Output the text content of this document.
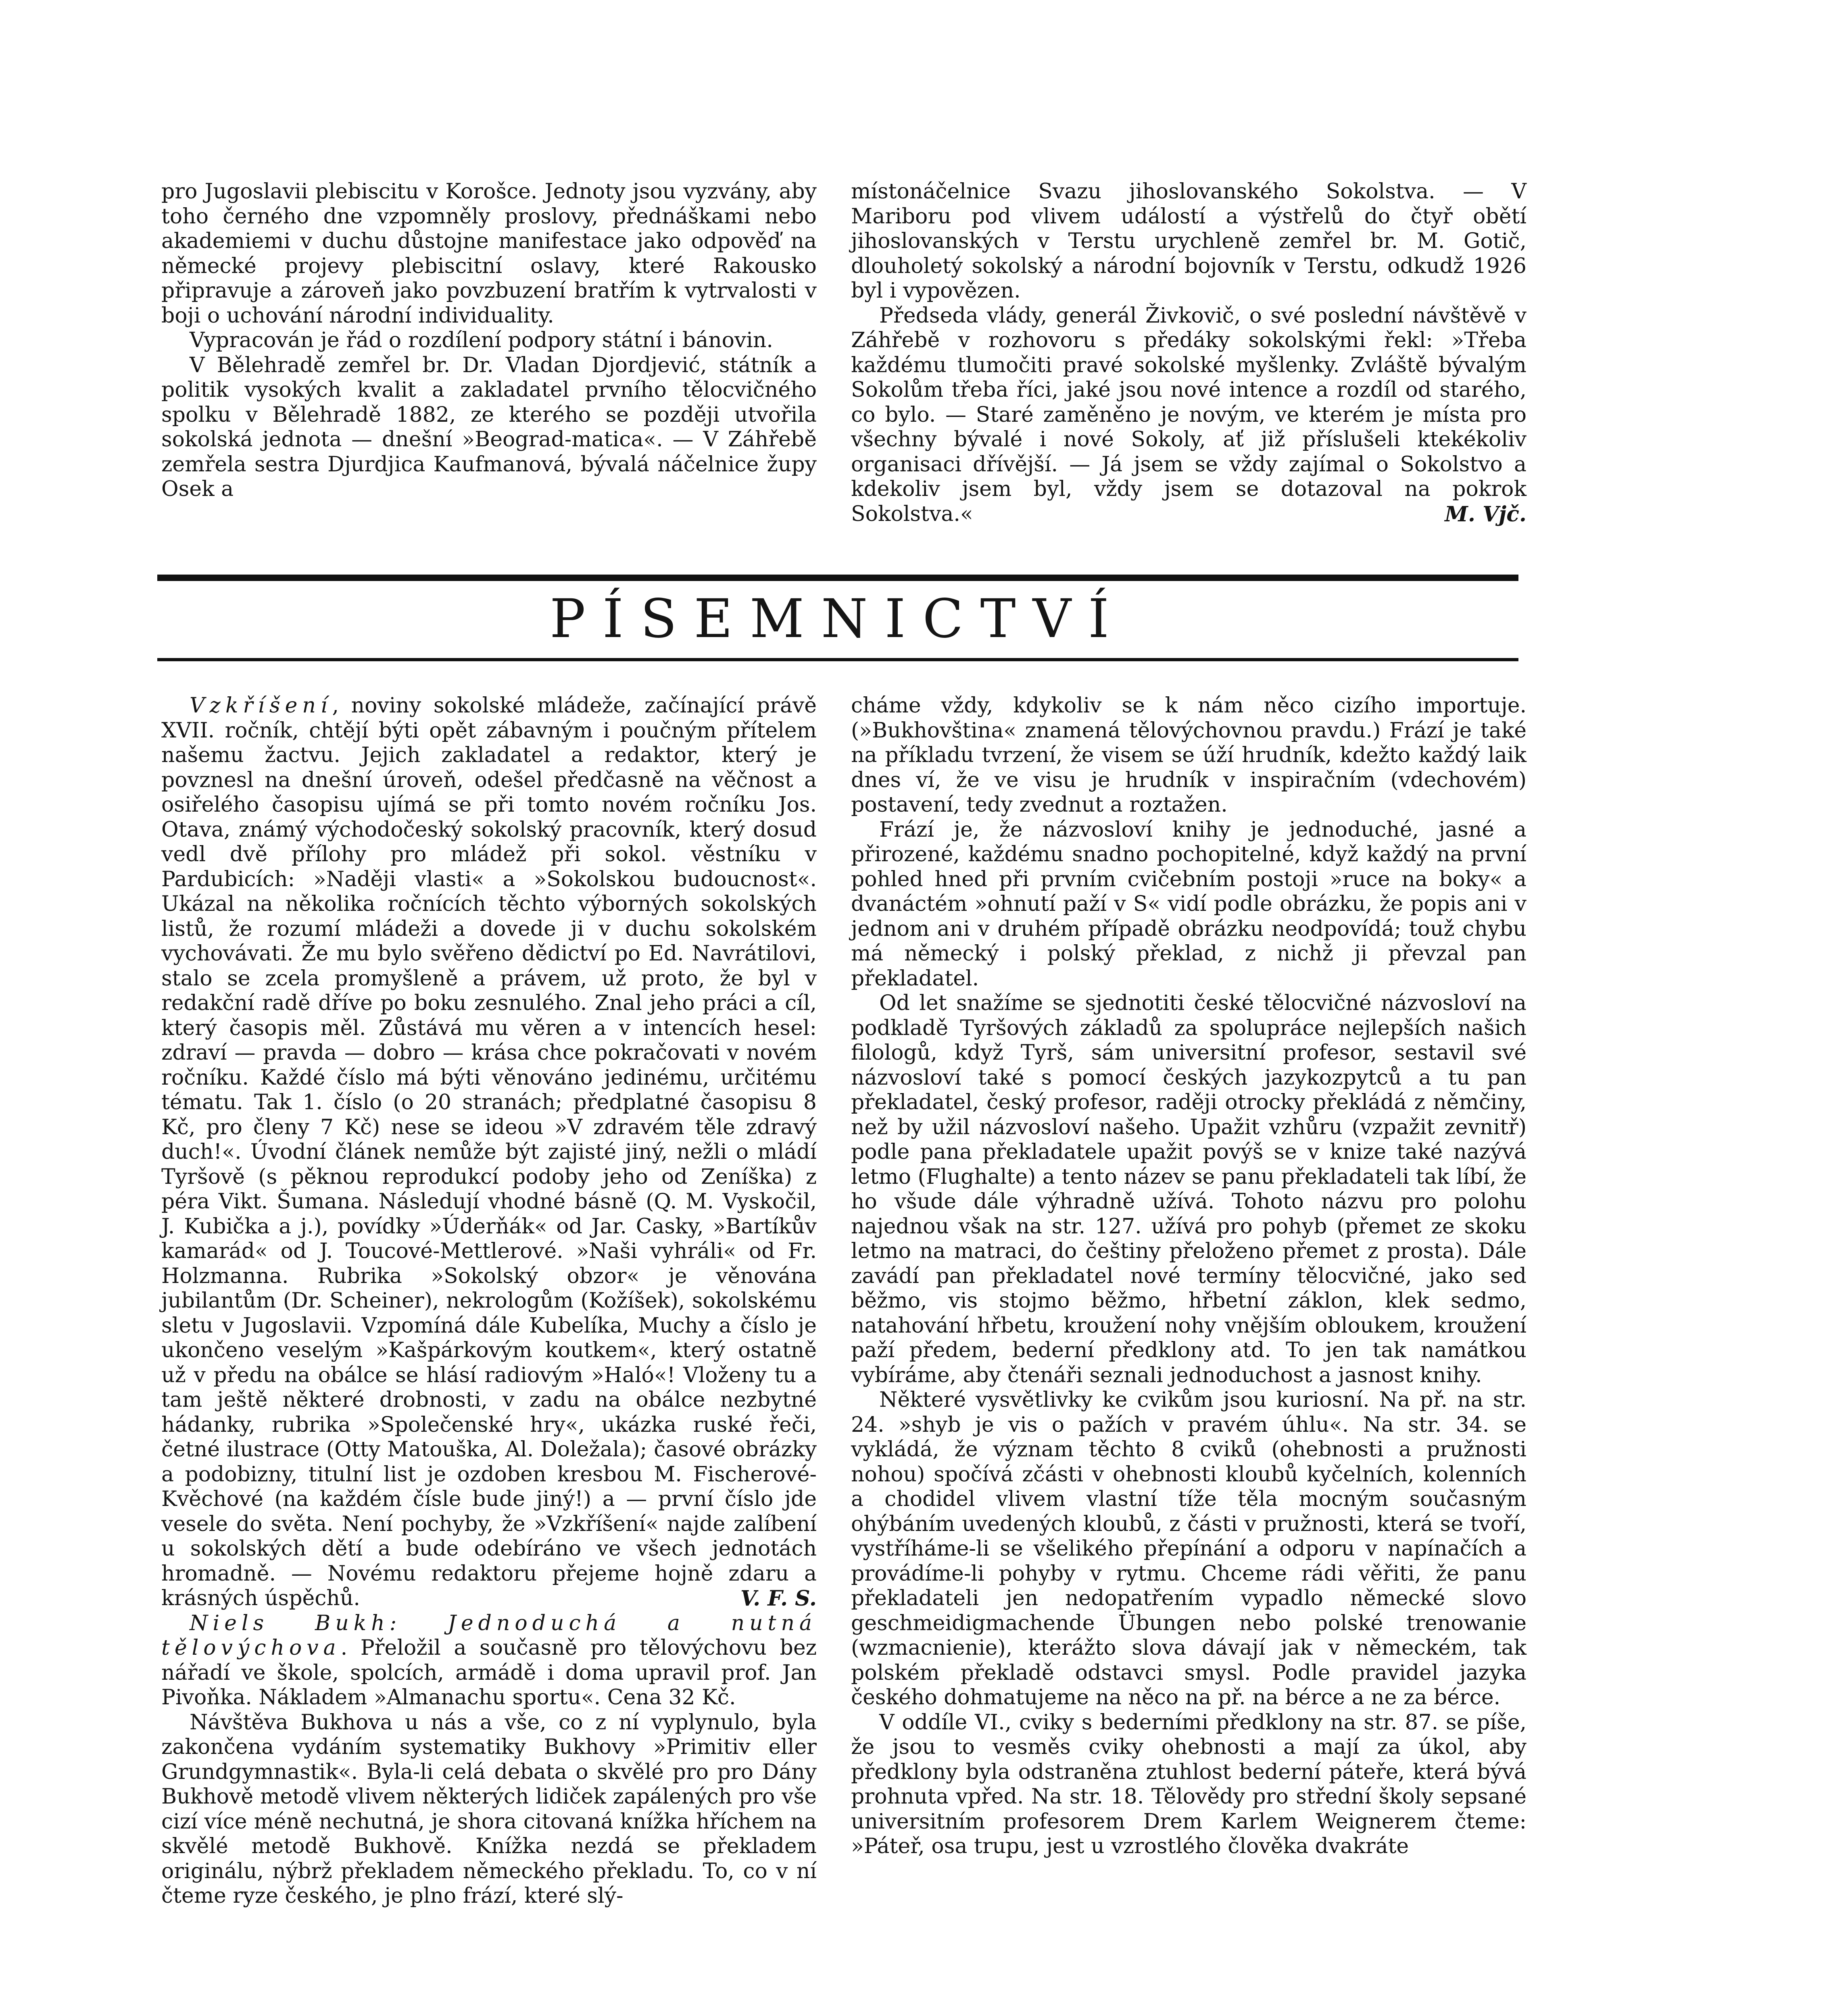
pro Jugoslavii plebiscitu v Korošce. Jednoty jsou vyzvány, aby toho černého dne vzpomněly proslovy, přednáškami nebo akademiemi v duchu důstojne manifestace jako odpověď na německé projevy plebiscitní oslavy, které Rakousko připravuje a zároveň jako povzbuzení bratřím k vytrvalosti v boji o uchování národní individuality.

Vypracován je řád o rozdílení podpory státní i bánovin.

V Bělehradě zemřel br. Dr. Vladan Djordjević, státník a politik vysokých kvalit a zakladatel prvního tělocvičného spolku v Bělehradě 1882, ze kterého se později utvořila sokolská jednota — dnešní »Beograd-matica«. — V Záhřebě zemřela sestra Djurdjica Kaufmanová, bývalá náčelnice župy Osek a

místonáčelnice Svazu jihoslovanského Sokolstva. — V Mariboru pod vlivem událostí a výstřelů do čtyř obětí jihoslovanských v Terstu urychleně zemřel br. M. Gotič, dlouholetý sokolský a národní bojovník v Terstu, odkudž 1926 byl i vypovězen.

Předseda vlády, generál Živkovič, o své poslední návštěvě v Záhřebě v rozhovoru s předáky sokolskými řekl: »Třeba každému tlumočiti pravé sokolské myšlenky. Zvláště bývalým Sokolům třeba říci, jaké jsou nové intence a rozdíl od starého, co bylo. — Staré zaměněno je novým, ve kterém je místa pro všechny bývalé i nové Sokoly, ať již příslušeli ktekékoliv organisaci dřívější. — Já jsem se vždy zajímal o Sokolstvo a kdekoliv jsem byl, vždy jsem se dotazoval na pokrok Sokolstva.«	M. Vjč.

PÍSEMNICTVÍ

Vzkříšení, noviny sokolské mládeže, začínající právě XVII. ročník, chtějí býti opět zábavným i poučným přítelem našemu žactvu. Jejich zakladatel a redaktor, který je povznesl na dnešní úroveň, odešel předčasně na věčnost a osiřelého časopisu ujímá se při tomto novém ročníku Jos. Otava, známý východočeský sokolský pracovník, který dosud vedl dvě přílohy pro mládež při sokol. věstníku v Pardubicích: »Naději vlasti« a »Sokolskou budoucnost«. Ukázal na několika ročnících těchto výborných sokolských listů, že rozumí mládeži a dovede ji v duchu sokolském vychovávati. Že mu bylo svěřeno dědictví po Ed. Navrátilovi, stalo se zcela promyšleně a právem, už proto, že byl v redakční radě dříve po boku zesnulého. Znal jeho práci a cíl, který časopis měl. Zůstává mu věren a v intencích hesel: zdraví — pravda — dobro — krása chce pokračovati v novém ročníku. Každé číslo má býti věnováno jedinému, určitému tématu. Tak 1. číslo (o 20 stranách; předplatné časopisu 8 Kč, pro členy 7 Kč) nese se ideou »V zdravém těle zdravý duch!«. Úvodní článek nemůže být zajisté jiný, nežli o mládí Tyršově (s pěknou reprodukcí podoby jeho od Zeníška) z péra Vikt. Šumana. Následují vhodné básně (Q. M. Vyskočil, J. Kubička a j.), povídky »Úderňák« od Jar. Casky, »Bartíkův kamarád« od J. Toucové-Mettlerové. »Naši vyhráli« od Fr. Holzmanna. Rubrika »Sokolský obzor« je věnována jubilantům (Dr. Scheiner), nekrologům (Kožíšek), sokolskému sletu v Jugoslavii. Vzpomíná dále Kubelíka, Muchy a číslo je ukončeno veselým »Kašpárkovým koutkem«, který ostatně už v předu na obálce se hlásí radiovým »Haló«! Vloženy tu a tam ještě některé drobnosti, v zadu na obálce nezbytné hádanky, rubrika »Společenské hry«, ukázka ruské řeči, četné ilustrace (Otty Matouška, Al. Doležala); časové obrázky a podobizny, titulní list je ozdoben kresbou M. Fischerové-Kvěchové (na každém čísle bude jiný!) a — první číslo jde vesele do světa. Není pochyby, že »Vzkříšení« najde zalíbení u sokolských dětí a bude odebíráno ve všech jednotách hromadně. — Novému redaktoru přejeme hojně zdaru a krásných úspěchů.	V. F. S.

Niels Bukh: Jednoduchá a nutná tělovýchova. Přeložil a současně pro tělovýchovu bez nářadí ve škole, spolcích, armádě i doma upravil prof. Jan Pivoňka. Nákladem »Almanachu sportu«. Cena 32 Kč.

Návštěva Bukhova u nás a vše, co z ní vyplynulo, byla zakončena vydáním systematiky Bukhovy »Primitiv eller Grundgymnastik«. Byla-li celá debata o skvělé pro pro Dány Bukhově metodě vlivem některých lidiček zapálených pro vše cizí více méně nechutná, je shora citovaná knížka hříchem na skvělé metodě Bukhově. Knížka nezdá se překladem originálu, nýbrž překladem německého překladu. To, co v ní čteme ryze českého, je plno frází, které slý-

cháme vždy, kdykoliv se k nám něco cizího importuje. (»Bukhovština« znamená tělovýchovnou pravdu.) Frází je také na příkladu tvrzení, že visem se úží hrudník, kdežto každý laik dnes ví, že ve visu je hrudník v inspiračním (vdechovém) postavení, tedy zvednut a roztažen.

Frází je, že názvosloví knihy je jednoduché, jasné a přirozené, každému snadno pochopitelné, když každý na první pohled hned při prvním cvičebním postoji »ruce na boky« a dvanáctém »ohnutí paží v S« vidí podle obrázku, že popis ani v jednom ani v druhém případě obrázku neodpovídá; touž chybu má německý i polský překlad, z nichž ji převzal pan překladatel.

Od let snažíme se sjednotiti české tělocvičné názvosloví na podkladě Tyršových základů za spolupráce nejlepších našich filologů, když Tyrš, sám universitní profesor, sestavil své názvosloví také s pomocí českých jazykozpytců a tu pan překladatel, český profesor, raději otrocky překládá z němčiny, než by užil názvosloví našeho. Upažit vzhůru (vzpažit zevnitř) podle pana překladatele upažit povýš se v knize také nazývá letmo (Flughalte) a tento název se panu překladateli tak líbí, že ho všude dále výhradně užívá. Tohoto názvu pro polohu najednou však na str. 127. užívá pro pohyb (přemet ze skoku letmo na matraci, do češtiny přeloženo přemet z prosta). Dále zavádí pan překladatel nové termíny tělocvičné, jako sed běžmo, vis stojmo běžmo, hřbetní záklon, klek sedmo, natahování hřbetu, kroužení nohy vnějším obloukem, kroužení paží předem, bederní předklony atd. To jen tak namátkou vybíráme, aby čtenáři seznali jednoduchost a jasnost knihy.

Některé vysvětlivky ke cvikům jsou kuriosní. Na př. na str. 24. »shyb je vis o pažích v pravém úhlu«. Na str. 34. se vykládá, že význam těchto 8 cviků (ohebnosti a pružnosti nohou) spočívá zčásti v ohebnosti kloubů kyčelních, kolenních a chodidel vlivem vlastní tíže těla mocným současným ohýbáním uvedených kloubů, z části v pružnosti, která se tvoří, vystříháme-li se všelikého přepínání a odporu v napínačích a provádíme-li pohyby v rytmu. Chceme rádi věřiti, že panu překladateli jen nedopatřením vypadlo německé slovo geschmeidigmachende Übungen nebo polské trenowanie (wzmacnienie), kterážto slova dávají jak v německém, tak polském překladě odstavci smysl. Podle pravidel jazyka českého dohmatujeme na něco na př. na bérce a ne za bérce.

V oddíle VI., cviky s bederními předklony na str. 87. se píše, že jsou to vesměs cviky ohebnosti a mají za úkol, aby předklony byla odstraněna ztuhlost bederní páteře, která bývá prohnuta vpřed. Na str. 18. Tělovědy pro střední školy sepsané universitním profesorem Drem Karlem Weignerem čteme: »Páteř, osa trupu, jest u vzrostlého člověka dvakráte
